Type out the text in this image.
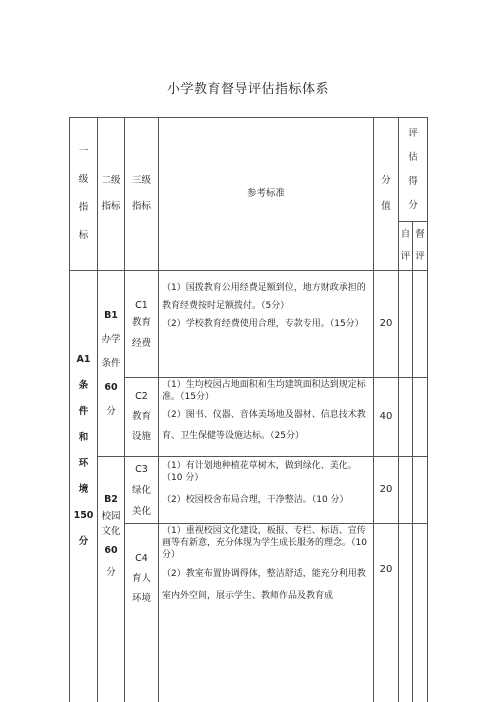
小学教育督导评估指标体系
一
级
指
标
二级
指标
三级
指标
参考标准
分
值
评
估
得
分
自
评
督
评
A1
条
件
和
环
境
150
分
B1
办学
条件
60
分
B2
校园
文化
60
分
C1
教育
经费

（1）国拨教育公用经费足额到位，地方财政承担的教育经费按时足额拨付。（5分）

（2）学校教育经费使用合理，专款专用。（15分）	20
C2
教育
设施

（1）生均校园占地面积和生均建筑面积达到规定标准。（15分）

（2）图书、仪器、音体美场地及器材、信息技术教育、卫生保健等设施达标。（25分）

40
C3
绿化
美化

（1）有计划地种植花草树木，做到绿化、美化。（10 分）

（2）校园校舍布局合理，干净整洁。（10 分）

20
C4
育人
环境

（1）重视校园文化建设，板报、专栏、标语、宣传画等有新意，充分体现为学生成长服务的理念。（10 分）

（2）教室布置协调得体，整洁舒适，能充分利用教室内外空间，展示学生、教师作品及教育成

20
